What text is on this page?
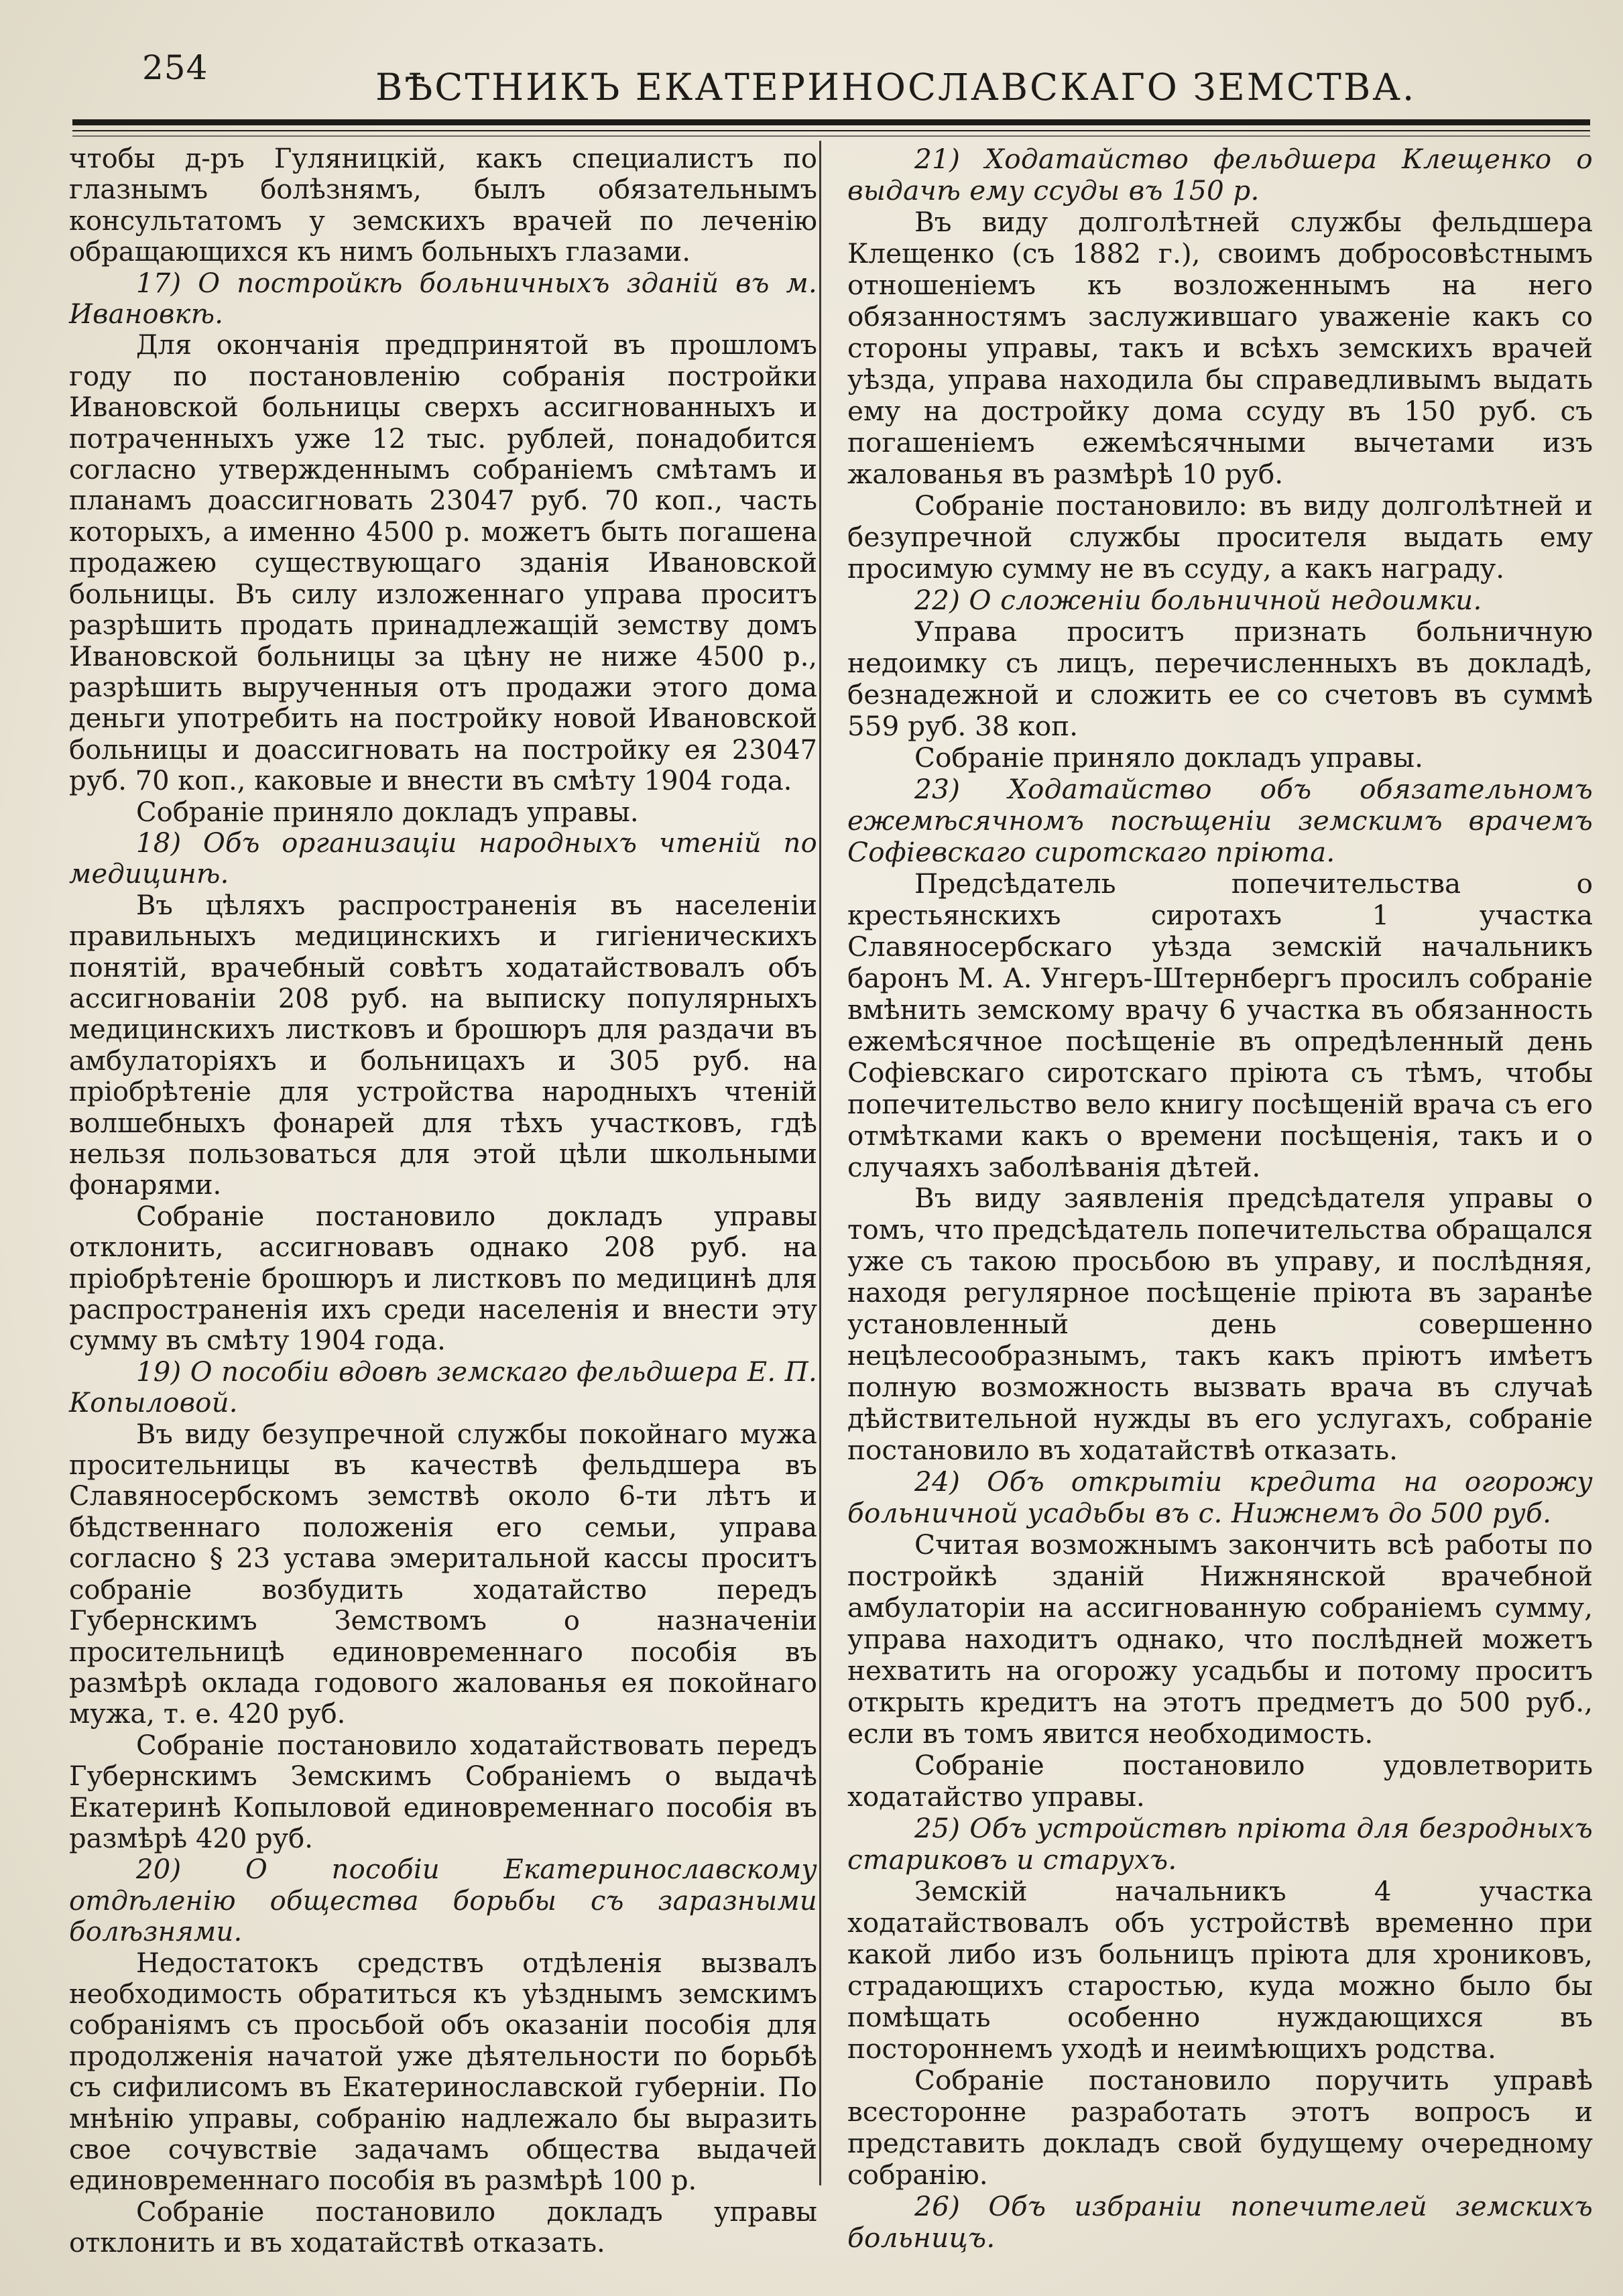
254	ВѢСТНИКЪ ЕКАТЕРИНОСЛАВСКАГО ЗЕМСТВА.

чтобы д-ръ Гуляницкій, какъ специалистъ по глазнымъ болѣзнямъ, былъ обязательнымъ консультатомъ у земскихъ врачей по леченію обращающихся къ нимъ больныхъ глазами.

17) О постройкѣ больничныхъ зданій въ м. Ивановкѣ.

Для окончанія предпринятой въ прошломъ году по постановленію собранія постройки Ивановской больницы сверхъ ассигнованныхъ и потраченныхъ уже 12 тыс. рублей, понадобится согласно утвержденнымъ собраніемъ смѣтамъ и планамъ доассигновать 23047 руб. 70 коп., часть которыхъ, а именно 4500 р. можетъ быть погашена продажею существующаго зданія Ивановской больницы. Въ силу изложеннаго управа проситъ разрѣшить продать принадлежащій земству домъ Ивановской больницы за цѣну не ниже 4500 р., разрѣшить вырученныя отъ продажи этого дома деньги употребить на постройку новой Ивановской больницы и доассигновать на постройку ея 23047 руб. 70 коп., каковые и внести въ смѣту 1904 года.

Собраніе приняло докладъ управы.

18) Объ организаціи народныхъ чтеній по медицинѣ.

Въ цѣляхъ распространенія въ населеніи правильныхъ медицинскихъ и гигіеническихъ понятій, врачебный совѣтъ ходатайствовалъ объ ассигнованіи 208 руб. на выписку популярныхъ медицинскихъ листковъ и брошюръ для раздачи въ амбулаторіяхъ и больницахъ и 305 руб. на пріобрѣтеніе для устройства народныхъ чтеній волшебныхъ фонарей для тѣхъ участковъ, гдѣ нельзя пользоваться для этой цѣли школьными фонарями.

Собраніе постановило докладъ управы отклонить, ассигновавъ однако 208 руб. на пріобрѣтеніе брошюръ и листковъ по медицинѣ для распространенія ихъ среди населенія и внести эту сумму въ смѣту 1904 года.

19) О пособіи вдовѣ земскаго фельдшера Е. П. Копыловой.

Въ виду безупречной службы покойнаго мужа просительницы въ качествѣ фельдшера въ Славяносербскомъ земствѣ около 6-ти лѣтъ и бѣдственнаго положенія его семьи, управа согласно § 23 устава эмеритальной кассы проситъ собраніе возбудить ходатайство передъ Губернскимъ Земствомъ о назначеніи просительницѣ единовременнаго пособія въ размѣрѣ оклада годового жалованья ея покойнаго мужа, т. е. 420 руб.

Собраніе постановило ходатайствовать передъ Губернскимъ Земскимъ Собраніемъ о выдачѣ Екатеринѣ Копыловой единовременнаго пособія въ размѣрѣ 420 руб.

20) О пособіи Екатеринославскому отдѣленію общества борьбы съ заразными болѣзнями.

Недостатокъ средствъ отдѣленія вызвалъ необходимость обратиться къ уѣзднымъ земскимъ собраніямъ съ просьбой объ оказаніи пособія для продолженія начатой уже дѣятельности по борьбѣ съ сифилисомъ въ Екатеринославской губерніи. По мнѣнію управы, собранію надлежало бы выразить свое сочувствіе задачамъ общества выдачей единовременнаго пособія въ размѣрѣ 100 р.

Собраніе постановило докладъ управы отклонить и въ ходатайствѣ отказать.

21) Ходатайство фельдшера Клещенко о выдачѣ ему ссуды въ 150 р.

Въ виду долголѣтней службы фельдшера Клещенко (съ 1882 г.), своимъ добросовѣстнымъ отношеніемъ къ возложеннымъ на него обязанностямъ заслужившаго уваженіе какъ со стороны управы, такъ и всѣхъ земскихъ врачей уѣзда, управа находила бы справедливымъ выдать ему на достройку дома ссуду въ 150 руб. съ погашеніемъ ежемѣсячными вычетами изъ жалованья въ размѣрѣ 10 руб.

Собраніе постановило: въ виду долголѣтней и безупречной службы просителя выдать ему просимую сумму не въ ссуду, а какъ награду.

22) О сложеніи больничной недоимки.

Управа проситъ признать больничную недоимку съ лицъ, перечисленныхъ въ докладѣ, безнадежной и сложить ее со счетовъ въ суммѣ 559 руб. 38 коп.

Собраніе приняло докладъ управы.

23) Ходатайство объ обязательномъ ежемѣсячномъ посѣщеніи земскимъ врачемъ Софіевскаго сиротскаго пріюта.

Предсѣдатель попечительства о крестьянскихъ сиротахъ 1 участка Славяносербскаго уѣзда земскій начальникъ баронъ М. А. Унгеръ-Штернбергъ просилъ собраніе вмѣнить земскому врачу 6 участка въ обязанность ежемѣсячное посѣщеніе въ опредѣленный день Софіевскаго сиротскаго пріюта съ тѣмъ, чтобы попечительство вело книгу посѣщеній врача съ его отмѣтками какъ о времени посѣщенія, такъ и о случаяхъ заболѣванія дѣтей.

Въ виду заявленія предсѣдателя управы о томъ, что предсѣдатель попечительства обращался уже съ такою просьбою въ управу, и послѣдняя, находя регулярное посѣщеніе пріюта въ заранѣе установленный день совершенно нецѣлесообразнымъ, такъ какъ пріютъ имѣетъ полную возможность вызвать врача въ случаѣ дѣйствительной нужды въ его услугахъ, собраніе постановило въ ходатайствѣ отказать.

24) Объ открытіи кредита на огорожу больничной усадьбы въ с. Нижнемъ до 500 руб.

Считая возможнымъ закончить всѣ работы по постройкѣ зданій Нижнянской врачебной амбулаторіи на ассигнованную собраніемъ сумму, управа находитъ однако, что послѣдней можетъ нехватить на огорожу усадьбы и потому проситъ открыть кредитъ на этотъ предметъ до 500 руб., если въ томъ явится необходимость.

Собраніе постановило удовлетворить ходатайство управы.

25) Объ устройствѣ пріюта для безродныхъ стариковъ и старухъ.

Земскій начальникъ 4 участка ходатайствовалъ объ устройствѣ временно при какой либо изъ больницъ пріюта для хрониковъ, страдающихъ старостью, куда можно было бы помѣщать особенно нуждающихся въ постороннемъ уходѣ и неимѣющихъ родства.

Собраніе постановило поручить управѣ всесторонне разработать этотъ вопросъ и представить докладъ свой будущему очередному собранію.

26) Объ избраніи попечителей земскихъ больницъ.
